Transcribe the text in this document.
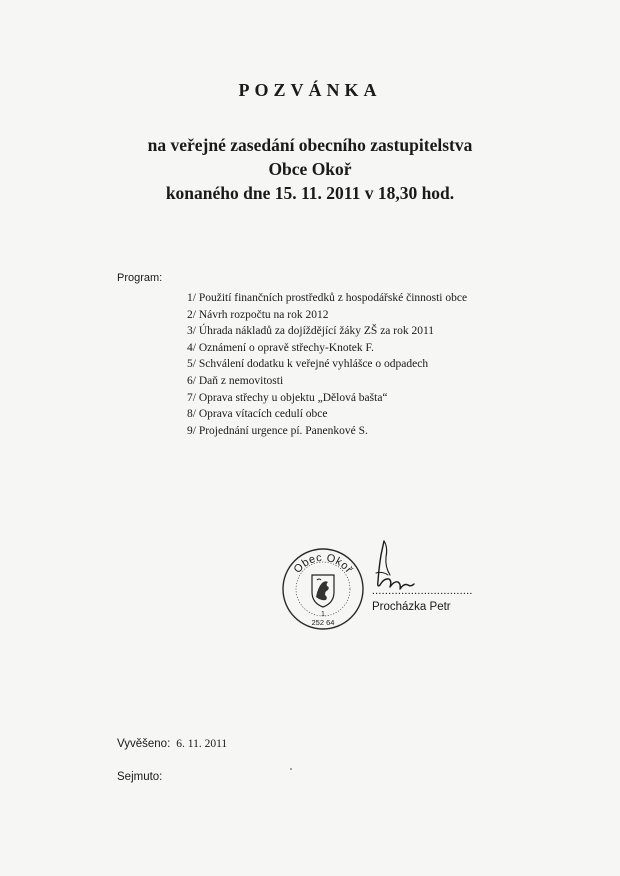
POZVÁNKA
na veřejné zasedání obecního zastupitelstva
Obce Okoř
konaného dne 15. 11. 2011 v 18,30 hod.
Program:
1/ Použití finančních prostředků z hospodářské činnosti obce
2/ Návrh rozpočtu na rok 2012
3/ Úhrada nákladů za dojíždějící žáky ZŠ za rok 2011
4/ Oznámení o opravě střechy-Knotek F.
5/ Schválení dodatku k veřejné vyhlášce o odpadech
6/ Daň z nemovitosti
7/ Oprava střechy u objektu „Dělová bašta“
8/ Oprava vítacích cedulí obce
9/ Projednání urgence pí. Panenkové S.
Obec Okoř
1
252 64
...............................
Procházka Petr
Vyvěšeno: 6. 11. 2011
Sejmuto:
